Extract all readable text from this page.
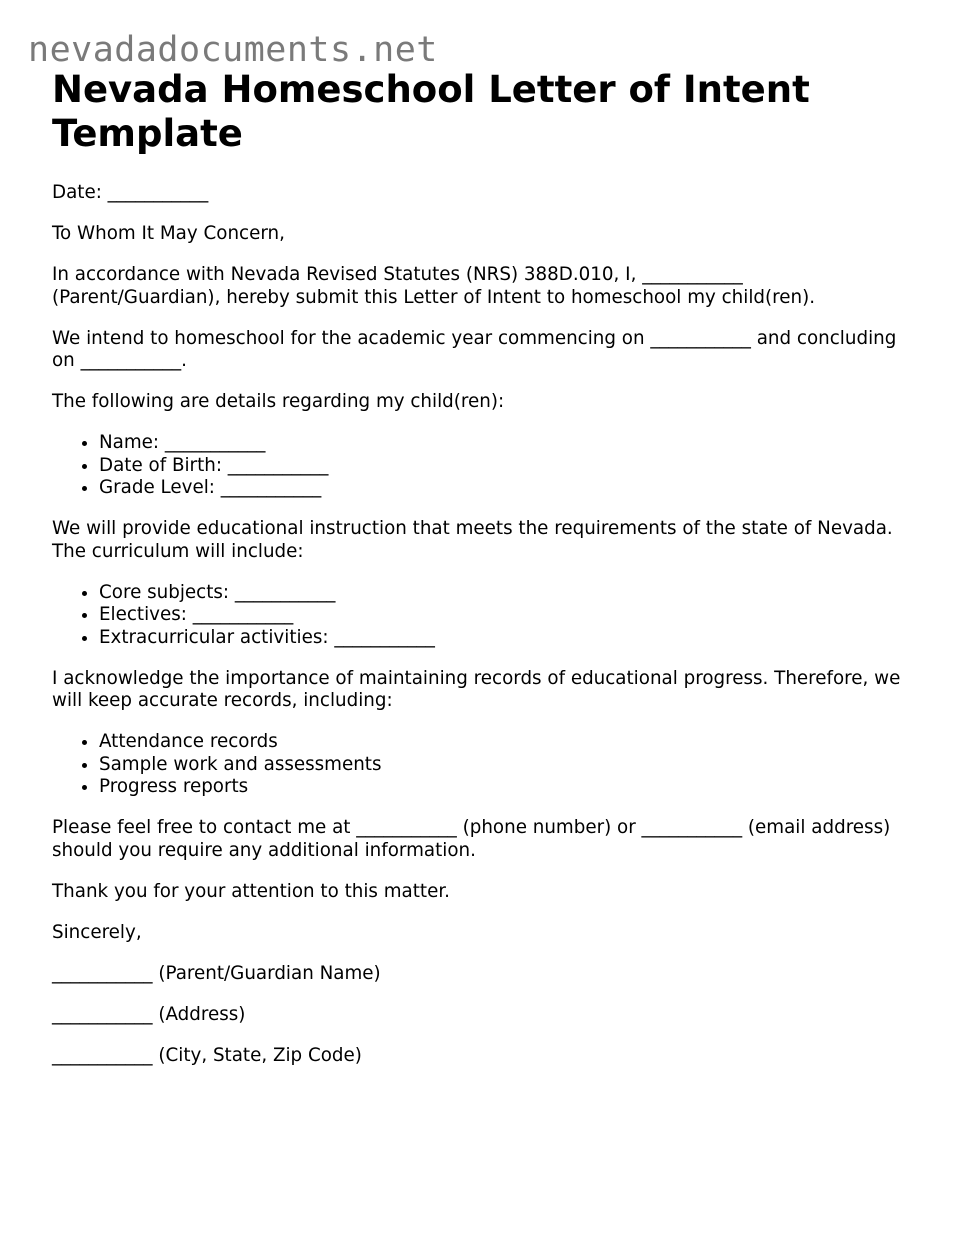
nevadadocuments.net
Nevada Homeschool Letter of Intent Template

Date: ___________

To Whom It May Concern,

In accordance with Nevada Revised Statutes (NRS) 388D.010, I, ___________ (Parent/Guardian), hereby submit this Letter of Intent to homeschool my child(ren).

We intend to homeschool for the academic year commencing on ___________ and concluding on ___________.

The following are details regarding my child(ren):

• Name: ___________
• Date of Birth: ___________
• Grade Level: ___________

We will provide educational instruction that meets the requirements of the state of Nevada. The curriculum will include:

• Core subjects: ___________
• Electives: ___________
• Extracurricular activities: ___________

I acknowledge the importance of maintaining records of educational progress. Therefore, we will keep accurate records, including:

• Attendance records
• Sample work and assessments
• Progress reports

Please feel free to contact me at ___________ (phone number) or ___________ (email address) should you require any additional information.

Thank you for your attention to this matter.

Sincerely,

___________ (Parent/Guardian Name)

___________ (Address)

___________ (City, State, Zip Code)
